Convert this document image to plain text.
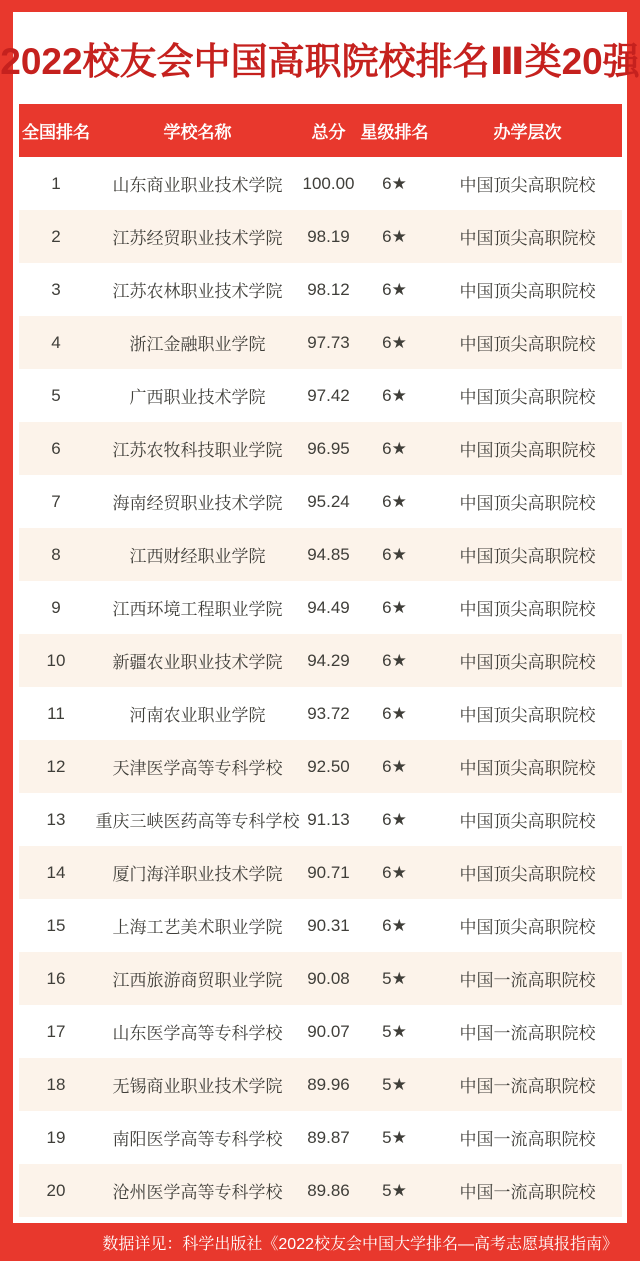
2022校友会中国高职院校排名Ⅲ类20强
全国排名	学校名称	总分 星级排名	办学层次
1	山东商业职业技术学院	100.00	6★	中国顶尖高职院校
2	江苏经贸职业技术学院	98.19	6★	中国顶尖高职院校
3	江苏农林职业技术学院	98.12	6★	中国顶尖高职院校
4	浙江金融职业学院	97.73	6★	中国顶尖高职院校
5	广西职业技术学院	97.42	6★	中国顶尖高职院校
6	江苏农牧科技职业学院	96.95	6★	中国顶尖高职院校
7	海南经贸职业技术学院	95.24	6★	中国顶尖高职院校
8	江西财经职业学院	94.85	6★	中国顶尖高职院校
9	江西环境工程职业学院	94.49	6★	中国顶尖高职院校
10	新疆农业职业技术学院	94.29	6★	中国顶尖高职院校
11	河南农业职业学院	93.72	6★	中国顶尖高职院校
12	天津医学高等专科学校	92.50	6★	中国顶尖高职院校
13	重庆三峡医药高等专科学校 91.13	6★	中国顶尖高职院校
14	厦门海洋职业技术学院	90.71	6★	中国顶尖高职院校
15	上海工艺美术职业学院	90.31	6★	中国顶尖高职院校
16	江西旅游商贸职业学院	90.08	5★	中国一流高职院校
17	山东医学高等专科学校	90.07	5★	中国一流高职院校
18	无锡商业职业技术学院	89.96	5★	中国一流高职院校
19	南阳医学高等专科学校	89.87	5★	中国一流高职院校
20	沧州医学高等专科学校	89.86	5★	中国一流高职院校
数据详见：科学出版社《2022校友会中国大学排名—高考志愿填报指南》
